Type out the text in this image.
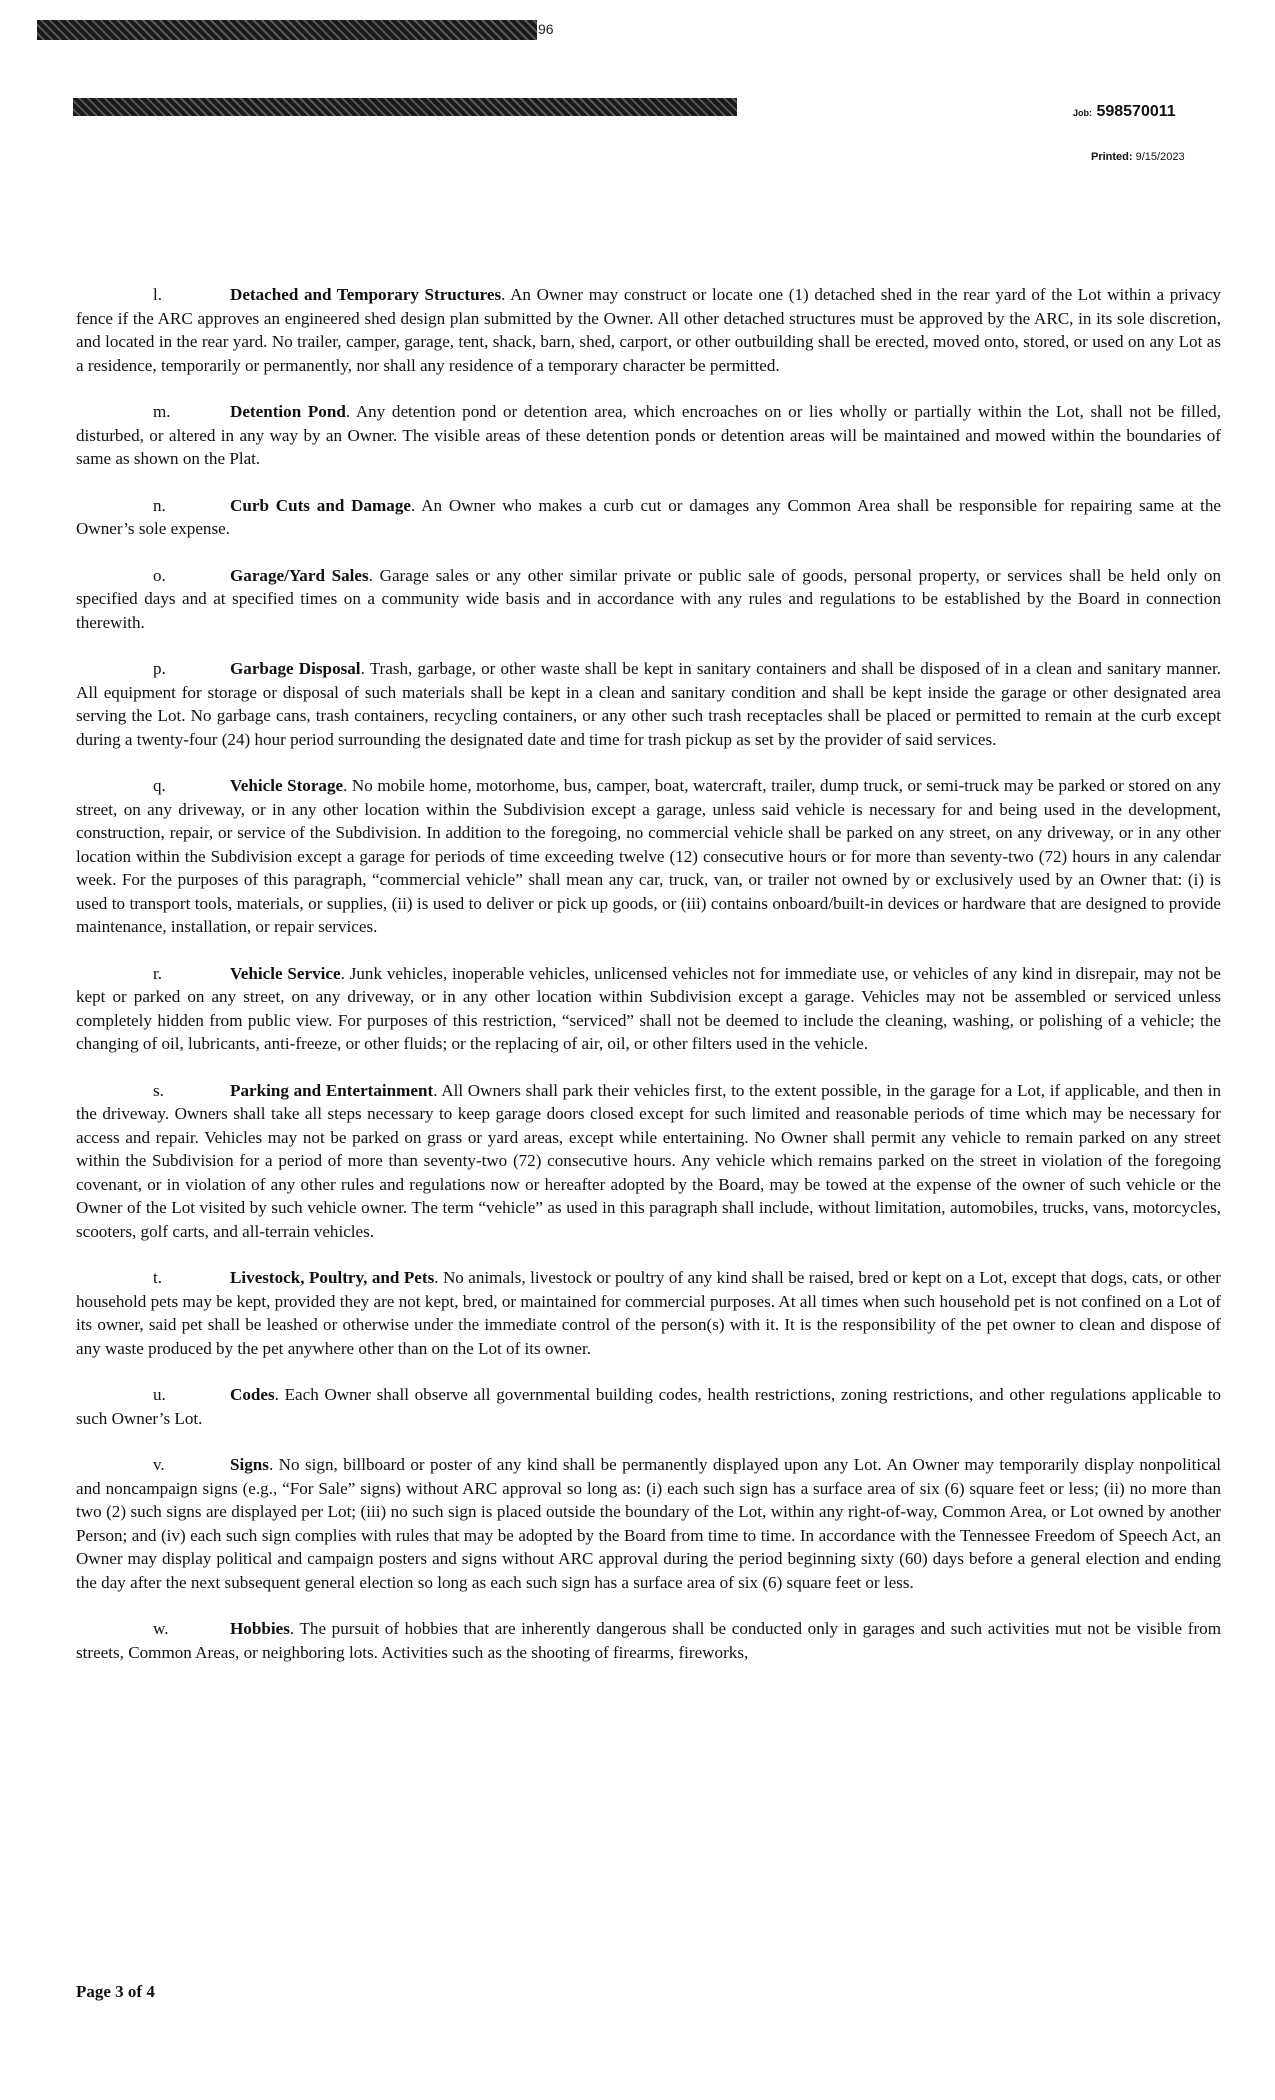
96
Job: 598570011
Printed: 9/15/2023

l.	Detached and Temporary Structures. An Owner may construct or locate one (1) detached shed in the rear yard of the Lot within a privacy fence if the ARC approves an engineered shed design plan submitted by the Owner. All other detached structures must be approved by the ARC, in its sole discretion, and located in the rear yard. No trailer, camper, garage, tent, shack, barn, shed, carport, or other outbuilding shall be erected, moved onto, stored, or used on any Lot as a residence, temporarily or permanently, nor shall any residence of a temporary character be permitted.

m.	Detention Pond. Any detention pond or detention area, which encroaches on or lies wholly or partially within the Lot, shall not be filled, disturbed, or altered in any way by an Owner. The visible areas of these detention ponds or detention areas will be maintained and mowed within the boundaries of same as shown on the Plat.

n.	Curb Cuts and Damage. An Owner who makes a curb cut or damages any Common Area shall be responsible for repairing same at the Owner’s sole expense.

o.	Garage/Yard Sales. Garage sales or any other similar private or public sale of goods, personal property, or services shall be held only on specified days and at specified times on a community wide basis and in accordance with any rules and regulations to be established by the Board in connection therewith.

p.	Garbage Disposal. Trash, garbage, or other waste shall be kept in sanitary containers and shall be disposed of in a clean and sanitary manner. All equipment for storage or disposal of such materials shall be kept in a clean and sanitary condition and shall be kept inside the garage or other designated area serving the Lot. No garbage cans, trash containers, recycling containers, or any other such trash receptacles shall be placed or permitted to remain at the curb except during a twenty-four (24) hour period surrounding the designated date and time for trash pickup as set by the provider of said services.

q.	Vehicle Storage. No mobile home, motorhome, bus, camper, boat, watercraft, trailer, dump truck, or semi-truck may be parked or stored on any street, on any driveway, or in any other location within the Subdivision except a garage, unless said vehicle is necessary for and being used in the development, construction, repair, or service of the Subdivision. In addition to the foregoing, no commercial vehicle shall be parked on any street, on any driveway, or in any other location within the Subdivision except a garage for periods of time exceeding twelve (12) consecutive hours or for more than seventy-two (72) hours in any calendar week. For the purposes of this paragraph, “commercial vehicle” shall mean any car, truck, van, or trailer not owned by or exclusively used by an Owner that: (i) is used to transport tools, materials, or supplies, (ii) is used to deliver or pick up goods, or (iii) contains onboard/built-in devices or hardware that are designed to provide maintenance, installation, or repair services.

r.	Vehicle Service. Junk vehicles, inoperable vehicles, unlicensed vehicles not for immediate use, or vehicles of any kind in disrepair, may not be kept or parked on any street, on any driveway, or in any other location within Subdivision except a garage. Vehicles may not be assembled or serviced unless completely hidden from public view. For purposes of this restriction, “serviced” shall not be deemed to include the cleaning, washing, or polishing of a vehicle; the changing of oil, lubricants, anti-freeze, or other fluids; or the replacing of air, oil, or other filters used in the vehicle.

s.	Parking and Entertainment. All Owners shall park their vehicles first, to the extent possible, in the garage for a Lot, if applicable, and then in the driveway. Owners shall take all steps necessary to keep garage doors closed except for such limited and reasonable periods of time which may be necessary for access and repair. Vehicles may not be parked on grass or yard areas, except while entertaining. No Owner shall permit any vehicle to remain parked on any street within the Subdivision for a period of more than seventy-two (72) consecutive hours. Any vehicle which remains parked on the street in violation of the foregoing covenant, or in violation of any other rules and regulations now or hereafter adopted by the Board, may be towed at the expense of the owner of such vehicle or the Owner of the Lot visited by such vehicle owner. The term “vehicle” as used in this paragraph shall include, without limitation, automobiles, trucks, vans, motorcycles, scooters, golf carts, and all-terrain vehicles.

t.	Livestock, Poultry, and Pets. No animals, livestock or poultry of any kind shall be raised, bred or kept on a Lot, except that dogs, cats, or other household pets may be kept, provided they are not kept, bred, or maintained for commercial purposes. At all times when such household pet is not confined on a Lot of its owner, said pet shall be leashed or otherwise under the immediate control of the person(s) with it. It is the responsibility of the pet owner to clean and dispose of any waste produced by the pet anywhere other than on the Lot of its owner.

u.	Codes. Each Owner shall observe all governmental building codes, health restrictions, zoning restrictions, and other regulations applicable to such Owner’s Lot.

v.	Signs. No sign, billboard or poster of any kind shall be permanently displayed upon any Lot. An Owner may temporarily display nonpolitical and noncampaign signs (e.g., “For Sale” signs) without ARC approval so long as: (i) each such sign has a surface area of six (6) square feet or less; (ii) no more than two (2) such signs are displayed per Lot; (iii) no such sign is placed outside the boundary of the Lot, within any right-of-way, Common Area, or Lot owned by another Person; and (iv) each such sign complies with rules that may be adopted by the Board from time to time. In accordance with the Tennessee Freedom of Speech Act, an Owner may display political and campaign posters and signs without ARC approval during the period beginning sixty (60) days before a general election and ending the day after the next subsequent general election so long as each such sign has a surface area of six (6) square feet or less.

w.	Hobbies. The pursuit of hobbies that are inherently dangerous shall be conducted only in garages and such activities mut not be visible from streets, Common Areas, or neighboring lots. Activities such as the shooting of firearms, fireworks,

Page 3 of 4
